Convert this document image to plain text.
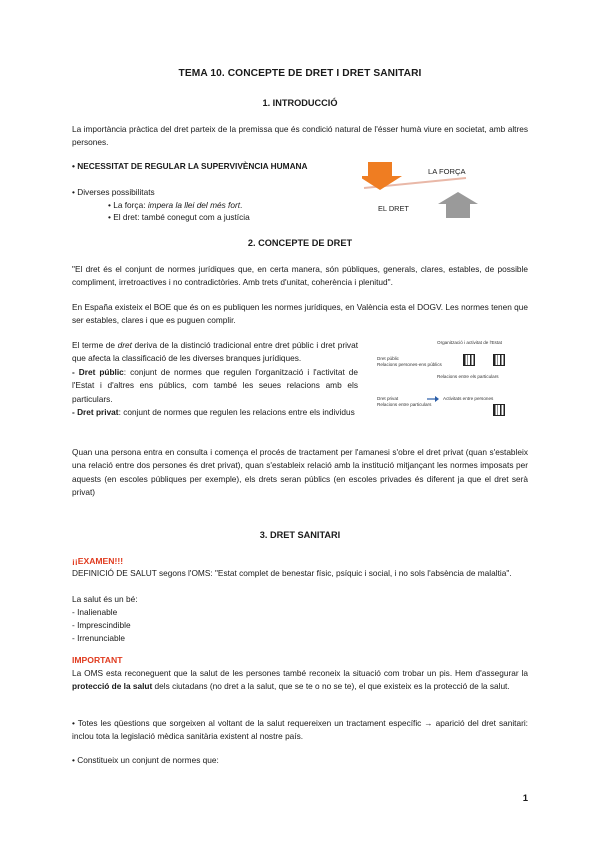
TEMA 10. CONCEPTE DE DRET I DRET SANITARI
1. INTRODUCCIÓ
La importància pràctica del dret parteix de la premissa que és condició natural de l'ésser humà viure en societat, amb altres persones.
• NECESSITAT DE REGULAR LA SUPERVIVÈNCIA HUMANA
• Diverses possibilitats
• La força: impera la llei del més fort.
• El dret: també conegut com a justícia
LA FORÇA
EL DRET
2. CONCEPTE DE DRET
"El dret és el conjunt de normes jurídiques que, en certa manera, són públiques, generals, clares, estables, de possible compliment, irretroactives i no contradictòries. Amb trets d'unitat, coherència i plenitud".
En España existeix el BOE que és on es publiquen les normes jurídiques, en València esta el DOGV. Les normes tenen que ser estables, clares i que es puguen complir.
El terme de dret deriva de la distinció tradicional entre dret públic i dret privat que afecta la classificació de les diverses branques jurídiques.
- Dret públic: conjunt de normes que regulen l'organització i l'activitat de l'Estat i d'altres ens públics, com també les seues relacions amb els particulars.
- Dret privat: conjunt de normes que regulen les relacions entre els individus
Organització i activitat de l'Estat
Dret públic
Relacions persones-ens públics
Relacions entre els particulars
Dret privat
Relacions entre particulars
Activitats entre persones
Quan una persona entra en consulta i comença el procés de tractament per l'amanesi s'obre el dret privat (quan s'estableix una relació entre dos persones és dret privat), quan s'estableix relació amb la institució mitjançant les normes imposats per aquests (en escoles públiques per exemple), els drets seran públics (en escoles privades és diferent ja que el dret serà privat)
3. DRET SANITARI
¡¡EXAMEN!!!
DEFINICIÓ DE SALUT segons l'OMS: "Estat complet de benestar físic, psíquic i social, i no sols l'absència de malaltia".
La salut és un bé:
- Inalienable
- Imprescindible
- Irrenunciable
IMPORTANT
La OMS esta reconeguent que la salut de les persones també reconeix la situació com trobar un pis. Hem d'assegurar la protecció de la salut dels ciutadans (no dret a la salut, que se te o no se te), el que existeix es la protecció de la salut.
• Totes les qüestions que sorgeixen al voltant de la salut requereixen un tractament específic → aparició del dret sanitari: inclou tota la legislació mèdica sanitària existent al nostre país.
• Constitueix un conjunt de normes que:
1
